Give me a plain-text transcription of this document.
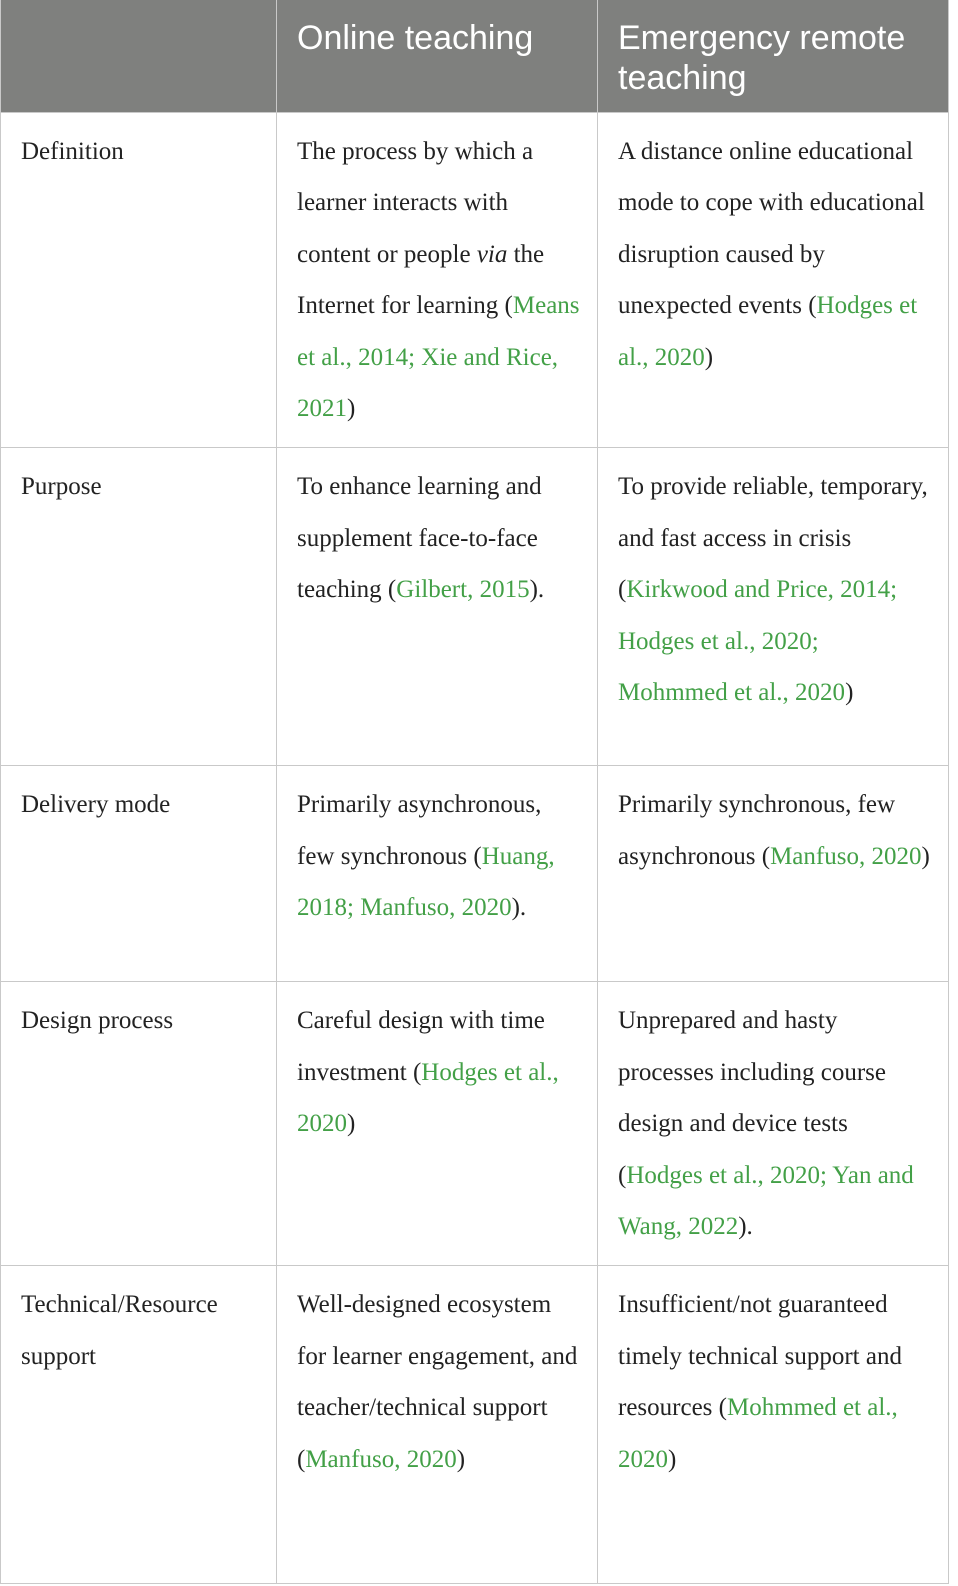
	Online teaching	Emergency remote teaching
Definition	The process by which a learner interacts with content or people via the Internet for learning (Means et al., 2014; Xie and Rice, 2021)	A distance online educational mode to cope with educational disruption caused by unexpected events (Hodges et al., 2020)
Purpose	To enhance learning and supplement face-to-face teaching (Gilbert, 2015).	To provide reliable, temporary, and fast access in crisis (Kirkwood and Price, 2014; Hodges et al., 2020; Mohmmed et al., 2020)
Delivery mode	Primarily asynchronous, few synchronous (Huang, 2018; Manfuso, 2020).	Primarily synchronous, few asynchronous (Manfuso, 2020)
Design process	Careful design with time investment (Hodges et al., 2020)	Unprepared and hasty processes including course design and device tests (Hodges et al., 2020; Yan and Wang, 2022).
Technical/Resource support	Well-designed ecosystem for learner engagement, and teacher/technical support (Manfuso, 2020)	Insufficient/not guaranteed timely technical support and resources (Mohmmed et al., 2020)
